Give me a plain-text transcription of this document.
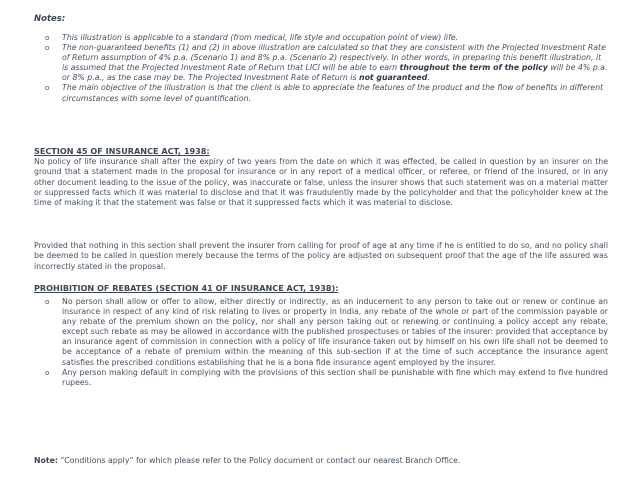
Notes:
o This illustration is applicable to a standard (from medical, life style and occupation point of view) life.
o The non-guaranteed benefits (1) and (2) in above illustration are calculated so that they are consistent with the Projected Investment Rate of Return assumption of 4% p.a. (Scenario 1) and 8% p.a. (Scenario 2) respectively. In other words, in preparing this benefit illustration, it is assumed that the Projected Investment Rate of Return that LICI will be able to earn throughout the term of the policy will be 4% p.a. or 8% p.a., as the case may be. The Projected Investment Rate of Return is not guaranteed.
o The main objective of the illustration is that the client is able to appreciate the features of the product and the flow of benefits in different circumstances with some level of quantification.
SECTION 45 OF INSURANCE ACT, 1938:
No policy of life insurance shall after the expiry of two years from the date on which it was effected, be called in question by an insurer on the ground that a statement made in the proposal for insurance or in any report of a medical officer, or referee, or friend of the insured, or in any other document leading to the issue of the policy, was inaccurate or false, unless the insurer shows that such statement was on a material matter or suppressed facts which it was material to disclose and that it was fraudulently made by the policyholder and that the policyholder knew at the time of making it that the statement was false or that it suppressed facts which it was material to disclose.
Provided that nothing in this section shall prevent the insurer from calling for proof of age at any time if he is entitled to do so, and no policy shall be deemed to be called in question merely because the terms of the policy are adjusted on subsequent proof that the age of the life assured was incorrectly stated in the proposal.
PROHIBITION OF REBATES (SECTION 41 OF INSURANCE ACT, 1938):
o No person shall allow or offer to allow, either directly or indirectly, as an inducement to any person to take out or renew or continue an insurance in respect of any kind of risk relating to lives or property in India, any rebate of the whole or part of the commission payable or any rebate of the premium shown on the policy, nor shall any person taking out or renewing or continuing a policy accept any rebate, except such rebate as may be allowed in accordance with the published prospectuses or tables of the insurer: provided that acceptance by an insurance agent of commission in connection with a policy of life insurance taken out by himself on his own life shall not be deemed to be acceptance of a rebate of premium within the meaning of this sub-section if at the time of such acceptance the insurance agent satisfies the prescribed conditions establishing that he is a bona fide insurance agent employed by the insurer.
o Any person making default in complying with the provisions of this section shall be punishable with fine which may extend to five hundred rupees.
Note: “Conditions apply” for which please refer to the Policy document or contact our nearest Branch Office.
